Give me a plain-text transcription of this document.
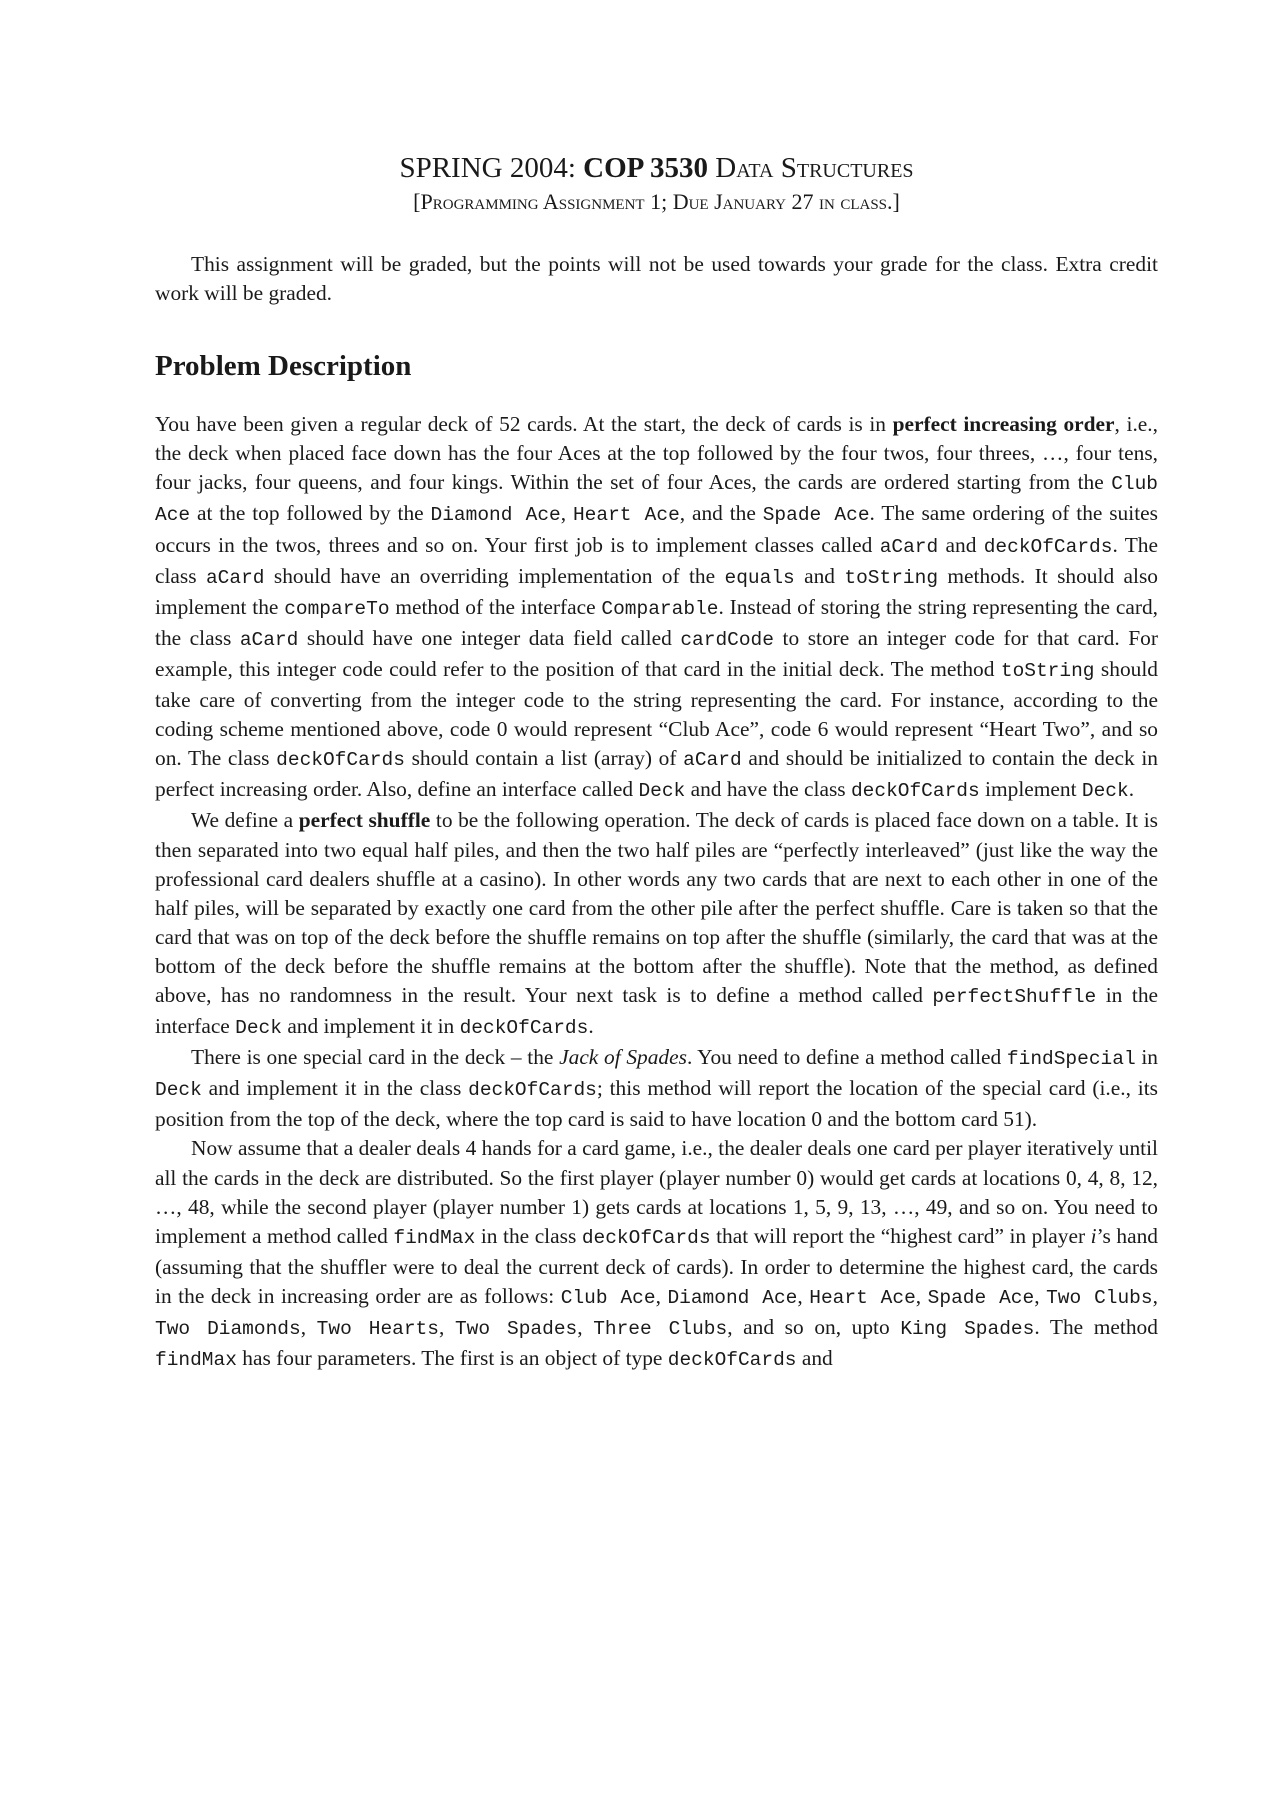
SPRING 2004: COP 3530 Data Structures
[Programming Assignment 1; Due January 27 in class.]

This assignment will be graded, but the points will not be used towards your grade for the class. Extra credit work will be graded.

Problem Description

You have been given a regular deck of 52 cards. At the start, the deck of cards is in perfect increasing order, i.e., the deck when placed face down has the four Aces at the top followed by the four twos, four threes, …, four tens, four jacks, four queens, and four kings. Within the set of four Aces, the cards are ordered starting from the Club Ace at the top followed by the Diamond Ace, Heart Ace, and the Spade Ace. The same ordering of the suites occurs in the twos, threes and so on. Your first job is to implement classes called aCard and deckOfCards. The class aCard should have an overriding implementation of the equals and toString methods. It should also implement the compareTo method of the interface Comparable. Instead of storing the string representing the card, the class aCard should have one integer data field called cardCode to store an integer code for that card. For example, this integer code could refer to the position of that card in the initial deck. The method toString should take care of converting from the integer code to the string representing the card. For instance, according to the coding scheme mentioned above, code 0 would represent “Club Ace”, code 6 would represent “Heart Two”, and so on. The class deckOfCards should contain a list (array) of aCard and should be initialized to contain the deck in perfect increasing order. Also, define an interface called Deck and have the class deckOfCards implement Deck.

We define a perfect shuffle to be the following operation. The deck of cards is placed face down on a table. It is then separated into two equal half piles, and then the two half piles are “perfectly interleaved” (just like the way the professional card dealers shuffle at a casino). In other words any two cards that are next to each other in one of the half piles, will be separated by exactly one card from the other pile after the perfect shuffle. Care is taken so that the card that was on top of the deck before the shuffle remains on top after the shuffle (similarly, the card that was at the bottom of the deck before the shuffle remains at the bottom after the shuffle). Note that the method, as defined above, has no randomness in the result. Your next task is to define a method called perfectShuffle in the interface Deck and implement it in deckOfCards.

There is one special card in the deck – the Jack of Spades. You need to define a method called findSpecial in Deck and implement it in the class deckOfCards; this method will report the location of the special card (i.e., its position from the top of the deck, where the top card is said to have location 0 and the bottom card 51).

Now assume that a dealer deals 4 hands for a card game, i.e., the dealer deals one card per player iteratively until all the cards in the deck are distributed. So the first player (player number 0) would get cards at locations 0, 4, 8, 12, …, 48, while the second player (player number 1) gets cards at locations 1, 5, 9, 13, …, 49, and so on. You need to implement a method called findMax in the class deckOfCards that will report the “highest card” in player i’s hand (assuming that the shuffler were to deal the current deck of cards). In order to determine the highest card, the cards in the deck in increasing order are as follows: Club Ace, Diamond Ace, Heart Ace, Spade Ace, Two Clubs, Two Diamonds, Two Hearts, Two Spades, Three Clubs, and so on, upto King Spades. The method findMax has four parameters. The first is an object of type deckOfCards and
